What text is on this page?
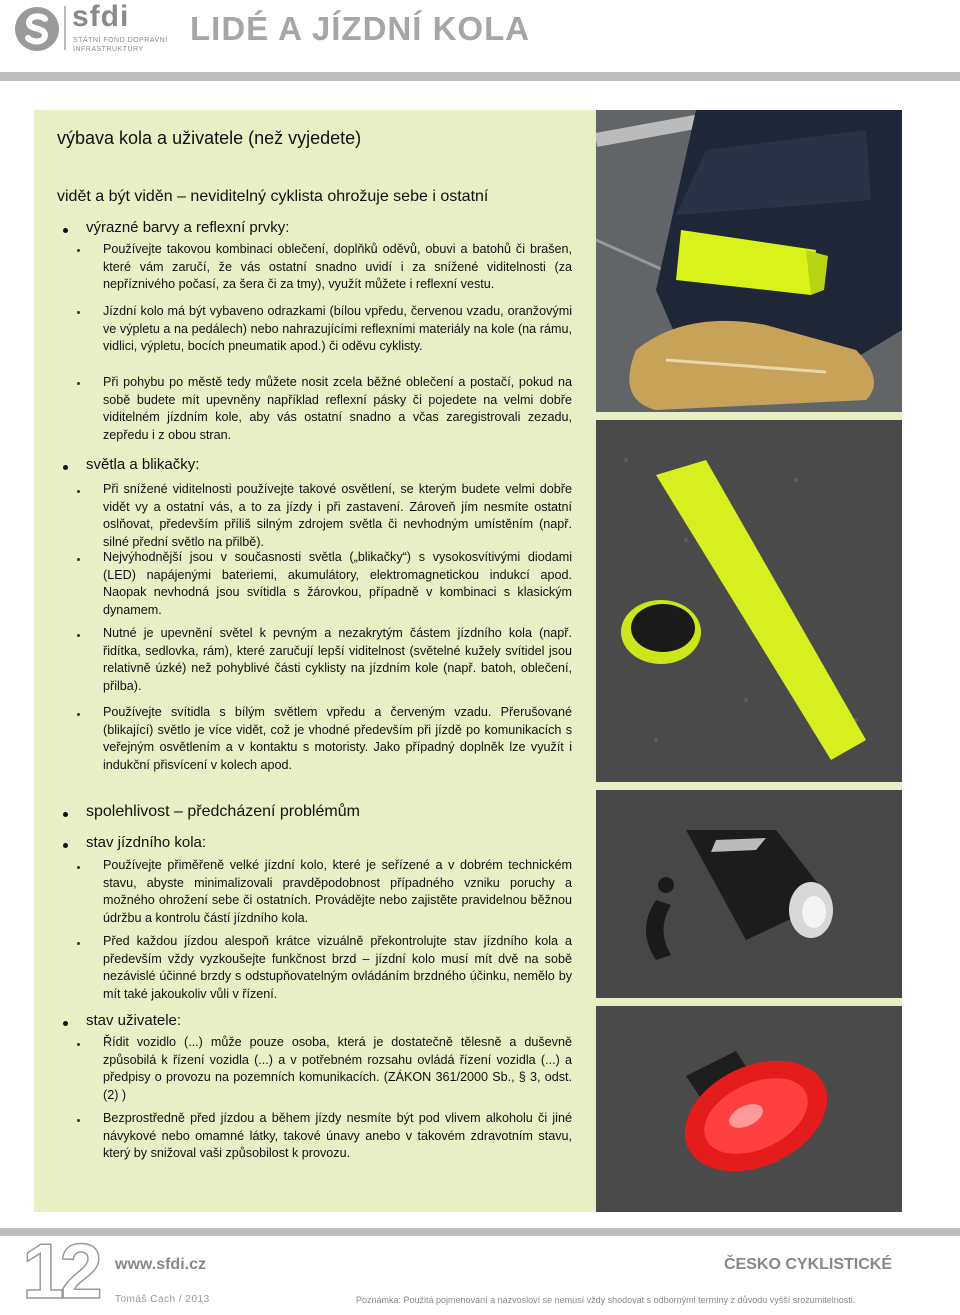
sfdi
STÁTNÍ FOND DOPRAVNÍ
INFRASTRUKTURY
LIDÉ A JÍZDNÍ KOLA
výbava kola a uživatele (než vyjedete)
vidět a být viděn – neviditelný cyklista ohrožuje sebe i ostatní
výrazné barvy a reflexní prvky:
Používejte takovou kombinaci oblečení, doplňků oděvů, obuvi a batohů či brašen, které vám zaručí, že vás ostatní snadno uvidí i za snížené viditelnosti (za nepříznivého počasí, za šera či za tmy), využít můžete i reflexní vestu.
Jízdní kolo má být vybaveno odrazkami (bílou vpředu, červenou vzadu, oranžovými ve výpletu a na pedálech) nebo nahrazujícími reflexními materiály na kole (na rámu, vidlici, výpletu, bocích pneumatik apod.) či oděvu cyklisty.
Při pohybu po městě tedy můžete nosit zcela běžné oblečení a postačí, pokud na sobě budete mít upevněny například reflexní pásky či pojedete na velmi dobře viditelném jízdním kole, aby vás ostatní snadno a včas zaregistrovali zezadu, zepředu i z obou stran.
světla a blikačky:
Při snížené viditelnosti používejte takové osvětlení, se kterým budete velmi dobře vidět vy a ostatní vás, a to za jízdy i při zastavení. Zároveň jím nesmíte ostatní oslňovat, především příliš silným zdrojem světla či nevhodným umístěním (např. silné přední světlo na přilbě).
Nejvýhodnější jsou v současnosti světla („blikačky“) s vysokosvítivými diodami (LED) napájenými bateriemi, akumulátory, elektromagnetickou indukcí apod. Naopak nevhodná jsou svítidla s žárovkou, případně v kombinaci s klasickým dynamem.
Nutné je upevnění světel k pevným a nezakrytým částem jízdního kola (např. řidítka, sedlovka, rám), které zaručují lepší viditelnost (světelné kužely svítidel jsou relativně úzké) než pohyblivé části cyklisty na jízdním kole (např. batoh, oblečení, přilba).
Používejte svítidla s bílým světlem vpředu a červeným vzadu. Přerušované (blikající) světlo je více vidět, což je vhodné především při jízdě po komunikacích s veřejným osvětlením a v kontaktu s motoristy. Jako případný doplněk lze využít i indukční přisvícení v kolech apod.
spolehlivost – předcházení problémům
stav jízdního kola:
Používejte přiměřeně velké jízdní kolo, které je seřízené a v dobrém technickém stavu, abyste minimalizovali pravděpodobnost případného vzniku poruchy a možného ohrožení sebe či ostatních. Provádějte nebo zajistěte pravidelnou běžnou údržbu a kontrolu částí jízdního kola.
Před každou jízdou alespoň krátce vizuálně překontrolujte stav jízdního kola a především vždy vyzkoušejte funkčnost brzd – jízdní kolo musí mít dvě na sobě nezávislé účinné brzdy s odstupňovatelným ovládáním brzdného účinku, nemělo by mít také jakoukoliv vůli v řízení.
stav uživatele:
Řídit vozidlo (...) může pouze osoba, která je dostatečně tělesně a duševně způsobilá k řízení vozidla (...) a v potřebném rozsahu ovládá řízení vozidla (...) a předpisy o provozu na pozemních komunikacích. (ZÁKON 361/2000 Sb., § 3, odst.(2) )
Bezprostředně před jízdou a během jízdy nesmíte být pod vlivem alkoholu či jiné návykové nebo omamné látky, takové únavy anebo v takovém zdravotním stavu, který by snižoval vaši způsobilost k provozu.
12 www.sfdi.cz
Tomáš Cach / 2013
ČESKO CYKLISTICKÉ
Poznámka: Použitá pojmenování a názvosloví se nemusí vždy shodovat s odbornými termíny z důvodu vyšší srozumitelnosti.
